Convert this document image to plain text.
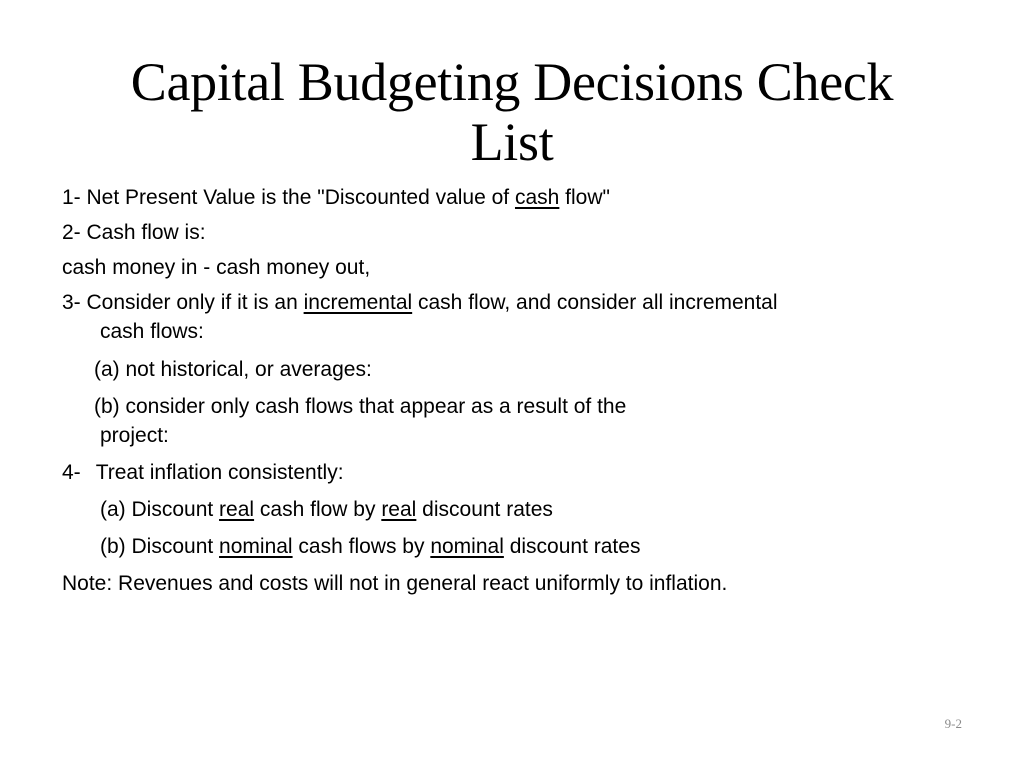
Capital Budgeting Decisions Check
List

1- Net Present Value is the "Discounted value of cash flow"

2- Cash flow is:

cash money in - cash money out,

3- Consider only if it is an incremental cash flow, and consider all incremental

cash flows:

(a) not historical, or averages:

(b) consider only cash flows that appear as a result of the

project:

4- Treat inflation consistently:

(a) Discount real cash flow by real discount rates

(b) Discount nominal cash flows by nominal discount rates

Note: Revenues and costs will not in general react uniformly to inflation.

9-2
